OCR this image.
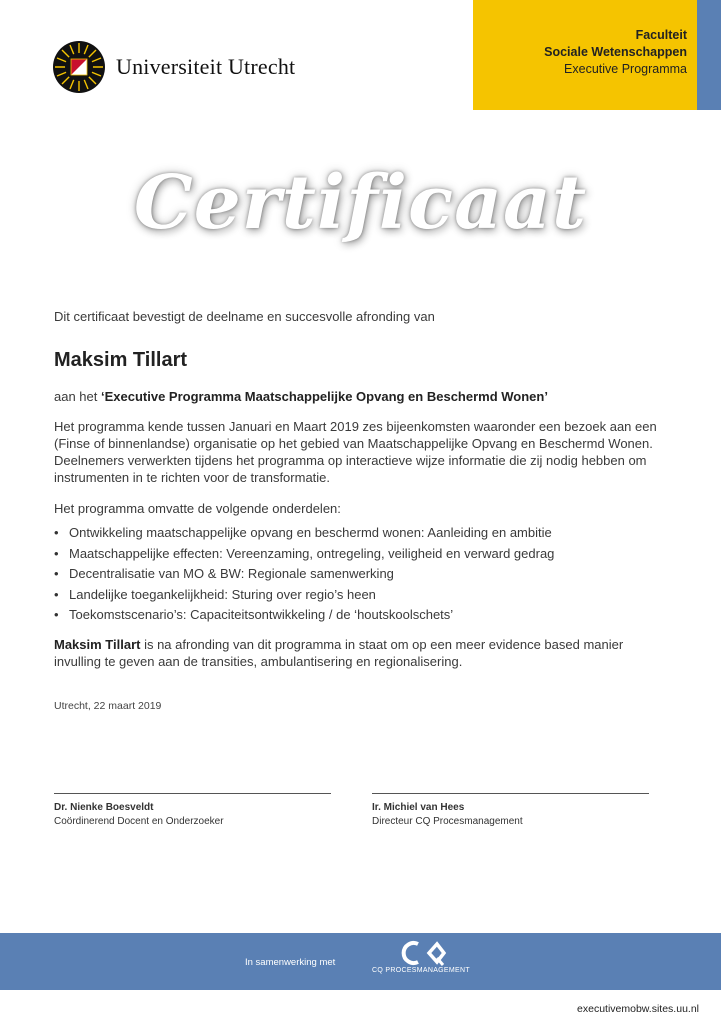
Universiteit Utrecht
Faculteit
Sociale Wetenschappen
Executive Programma
Certificaat
Dit certificaat bevestigt de deelname en succesvolle afronding van
Maksim Tillart
aan het ‘Executive Programma Maatschappelijke Opvang en Beschermd Wonen’
Het programma kende tussen Januari en Maart 2019 zes bijeenkomsten waaronder een bezoek aan een (Finse of binnenlandse) organisatie op het gebied van Maatschappelijke Opvang en Beschermd Wonen. Deelnemers verwerkten tijdens het programma op interactieve wijze informatie die zij nodig hebben om instrumenten in te richten voor de transformatie.
Het programma omvatte de volgende onderdelen:
• Ontwikkeling maatschappelijke opvang en beschermd wonen: Aanleiding en ambitie
• Maatschappelijke effecten: Vereenzaming, ontregeling, veiligheid en verward gedrag
• Decentralisatie van MO & BW: Regionale samenwerking
• Landelijke toegankelijkheid: Sturing over regio’s heen
• Toekomstscenario’s: Capaciteitsontwikkeling / de ‘houtskoolschets’
Maksim Tillart is na afronding van dit programma in staat om op een meer evidence based manier invulling te geven aan de transities, ambulantisering en regionalisering.
Utrecht, 22 maart 2019
Dr. Nienke Boesveldt
Coördinerend Docent en Onderzoeker
Ir. Michiel van Hees
Directeur CQ Procesmanagement
In samenwerking met
CQ PROCESMANAGEMENT
executivemobw.sites.uu.nl
